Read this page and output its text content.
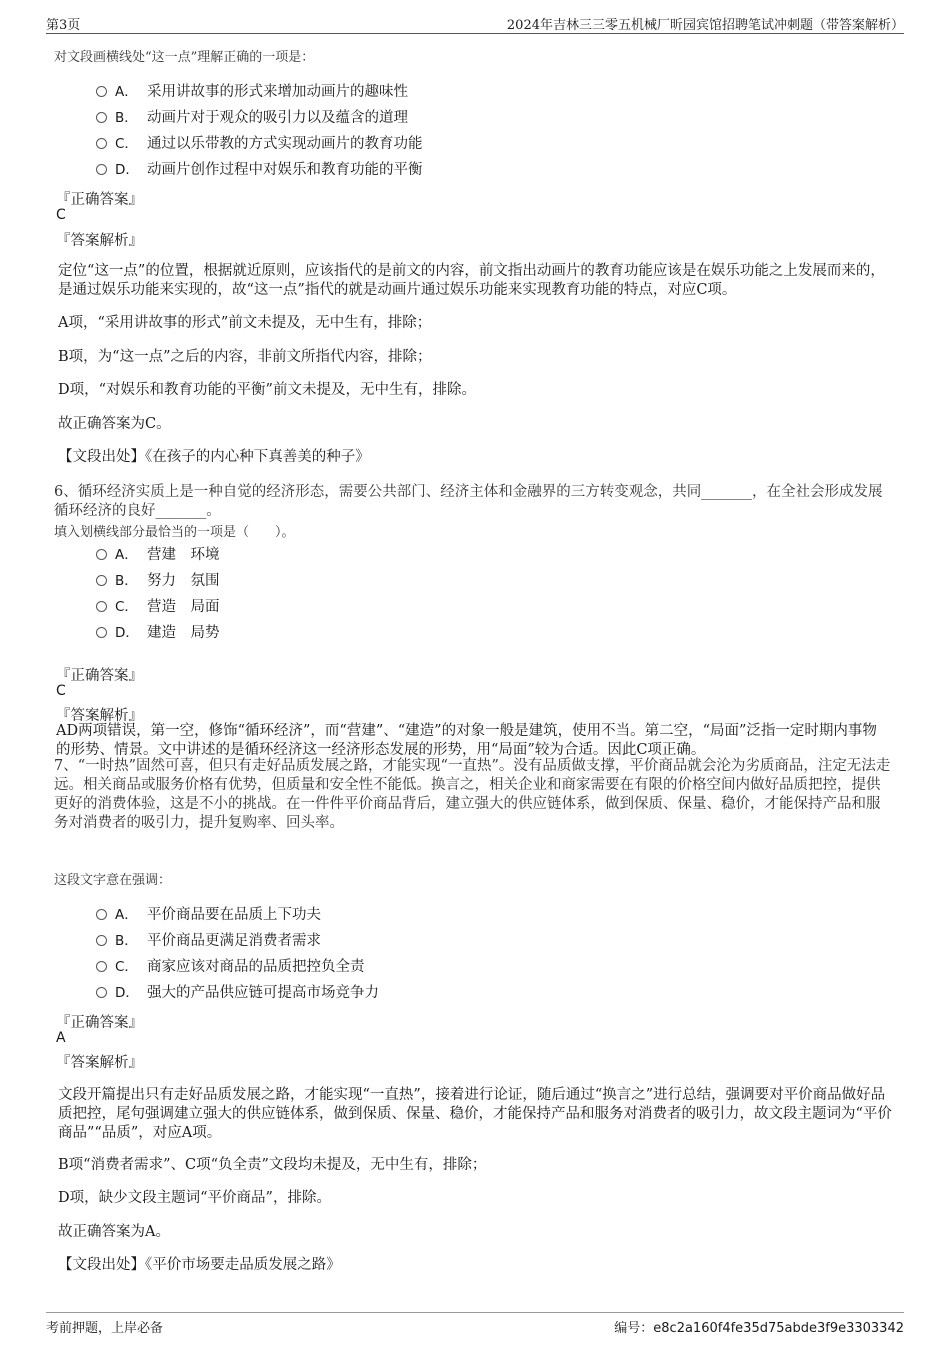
第3页	2024年吉林三三零五机械厂昕园宾馆招聘笔试冲刺题（带答案解析）
对文段画横线处“这一点”理解正确的一项是：
A． 采用讲故事的形式来增加动画片的趣味性
B． 动画片对于观众的吸引力以及蕴含的道理
C． 通过以乐带教的方式实现动画片的教育功能
D． 动画片创作过程中对娱乐和教育功能的平衡
『正确答案』
C
『答案解析』
定位“这一点”的位置，根据就近原则，应该指代的是前文的内容，前文指出动画片的教育功能应该是在娱乐功能之上发展而来的，是通过娱乐功能来实现的，故“这一点”指代的就是动画片通过娱乐功能来实现教育功能的特点，对应C项。
A项，“采用讲故事的形式”前文未提及，无中生有，排除；
B项，为“这一点”之后的内容，非前文所指代内容，排除；
D项，“对娱乐和教育功能的平衡”前文未提及，无中生有，排除。
故正确答案为C。
【文段出处】《在孩子的内心种下真善美的种子》
6、循环经济实质上是一种自觉的经济形态，需要公共部门、经济主体和金融界的三方转变观念，共同_______，在全社会形成发展循环经济的良好_______。
填入划横线部分最恰当的一项是（　　）。
A． 营建　环境
B． 努力　氛围
C． 营造　局面
D． 建造　局势
『正确答案』
C
『答案解析』
AD两项错误，第一空，修饰“循环经济”，而“营建”、“建造”的对象一般是建筑，使用不当。第二空，“局面”泛指一定时期内事物的形势、情景。文中讲述的是循环经济这一经济形态发展的形势，用“局面”较为合适。因此C项正确。
7、“一时热”固然可喜，但只有走好品质发展之路，才能实现“一直热”。没有品质做支撑，平价商品就会沦为劣质商品，注定无法走远。相关商品或服务价格有优势，但质量和安全性不能低。换言之，相关企业和商家需要在有限的价格空间内做好品质把控，提供更好的消费体验，这是不小的挑战。在一件件平价商品背后，建立强大的供应链体系，做到保质、保量、稳价，才能保持产品和服务对消费者的吸引力，提升复购率、回头率。
这段文字意在强调：
A． 平价商品要在品质上下功夫
B． 平价商品更满足消费者需求
C． 商家应该对商品的品质把控负全责
D． 强大的产品供应链可提高市场竞争力
『正确答案』
A
『答案解析』
文段开篇提出只有走好品质发展之路，才能实现“一直热”，接着进行论证，随后通过“换言之”进行总结，强调要对平价商品做好品质把控，尾句强调建立强大的供应链体系，做到保质、保量、稳价，才能保持产品和服务对消费者的吸引力，故文段主题词为“平价商品”“品质”，对应A项。
B项“消费者需求”、C项“负全责”文段均未提及，无中生有，排除；
D项，缺少文段主题词“平价商品”，排除。
故正确答案为A。
【文段出处】《平价市场要走品质发展之路》
考前押题，上岸必备	编号：e8c2a160f4fe35d75abde3f9e3303342
